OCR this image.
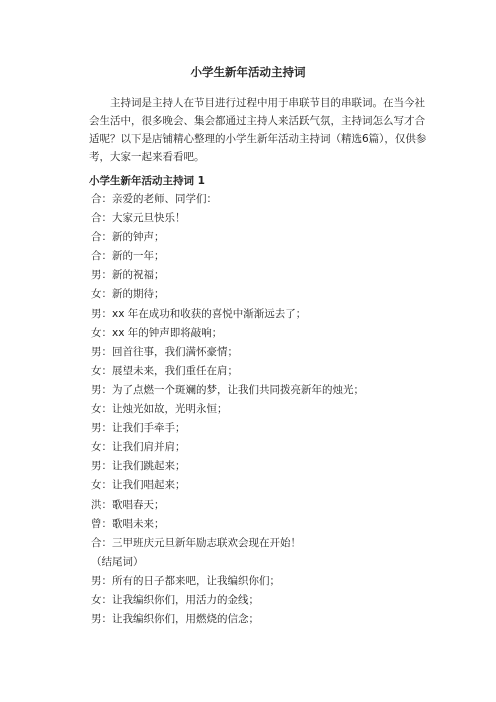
小学生新年活动主持词

主持词是主持人在节目进行过程中用于串联节目的串联词。在当今社会生活中，很多晚会、集会都通过主持人来活跃气氛，主持词怎么写才合适呢？以下是店铺精心整理的小学生新年活动主持词（精选6篇），仅供参考，大家一起来看看吧。

小学生新年活动主持词 1

合：亲爱的老师、同学们：
合：大家元旦快乐！
合：新的钟声；
合：新的一年；
男：新的祝福；
女：新的期待；
男：xx 年在成功和收获的喜悦中渐渐远去了；
女：xx 年的钟声即将敲响；
男：回首往事，我们满怀豪情；
女：展望未来，我们重任在肩；
男：为了点燃一个斑斓的梦，让我们共同拨亮新年的烛光；
女：让烛光如故，光明永恒；
男：让我们手牵手；
女：让我们肩并肩；
男：让我们跳起来；
女：让我们唱起来；
洪：歌唱春天；
曾：歌唱未来；
合：三甲班庆元旦新年励志联欢会现在开始！
（结尾词）
男：所有的日子都来吧，让我编织你们；
女：让我编织你们，用活力的金线；
男：让我编织你们，用燃烧的信念；
